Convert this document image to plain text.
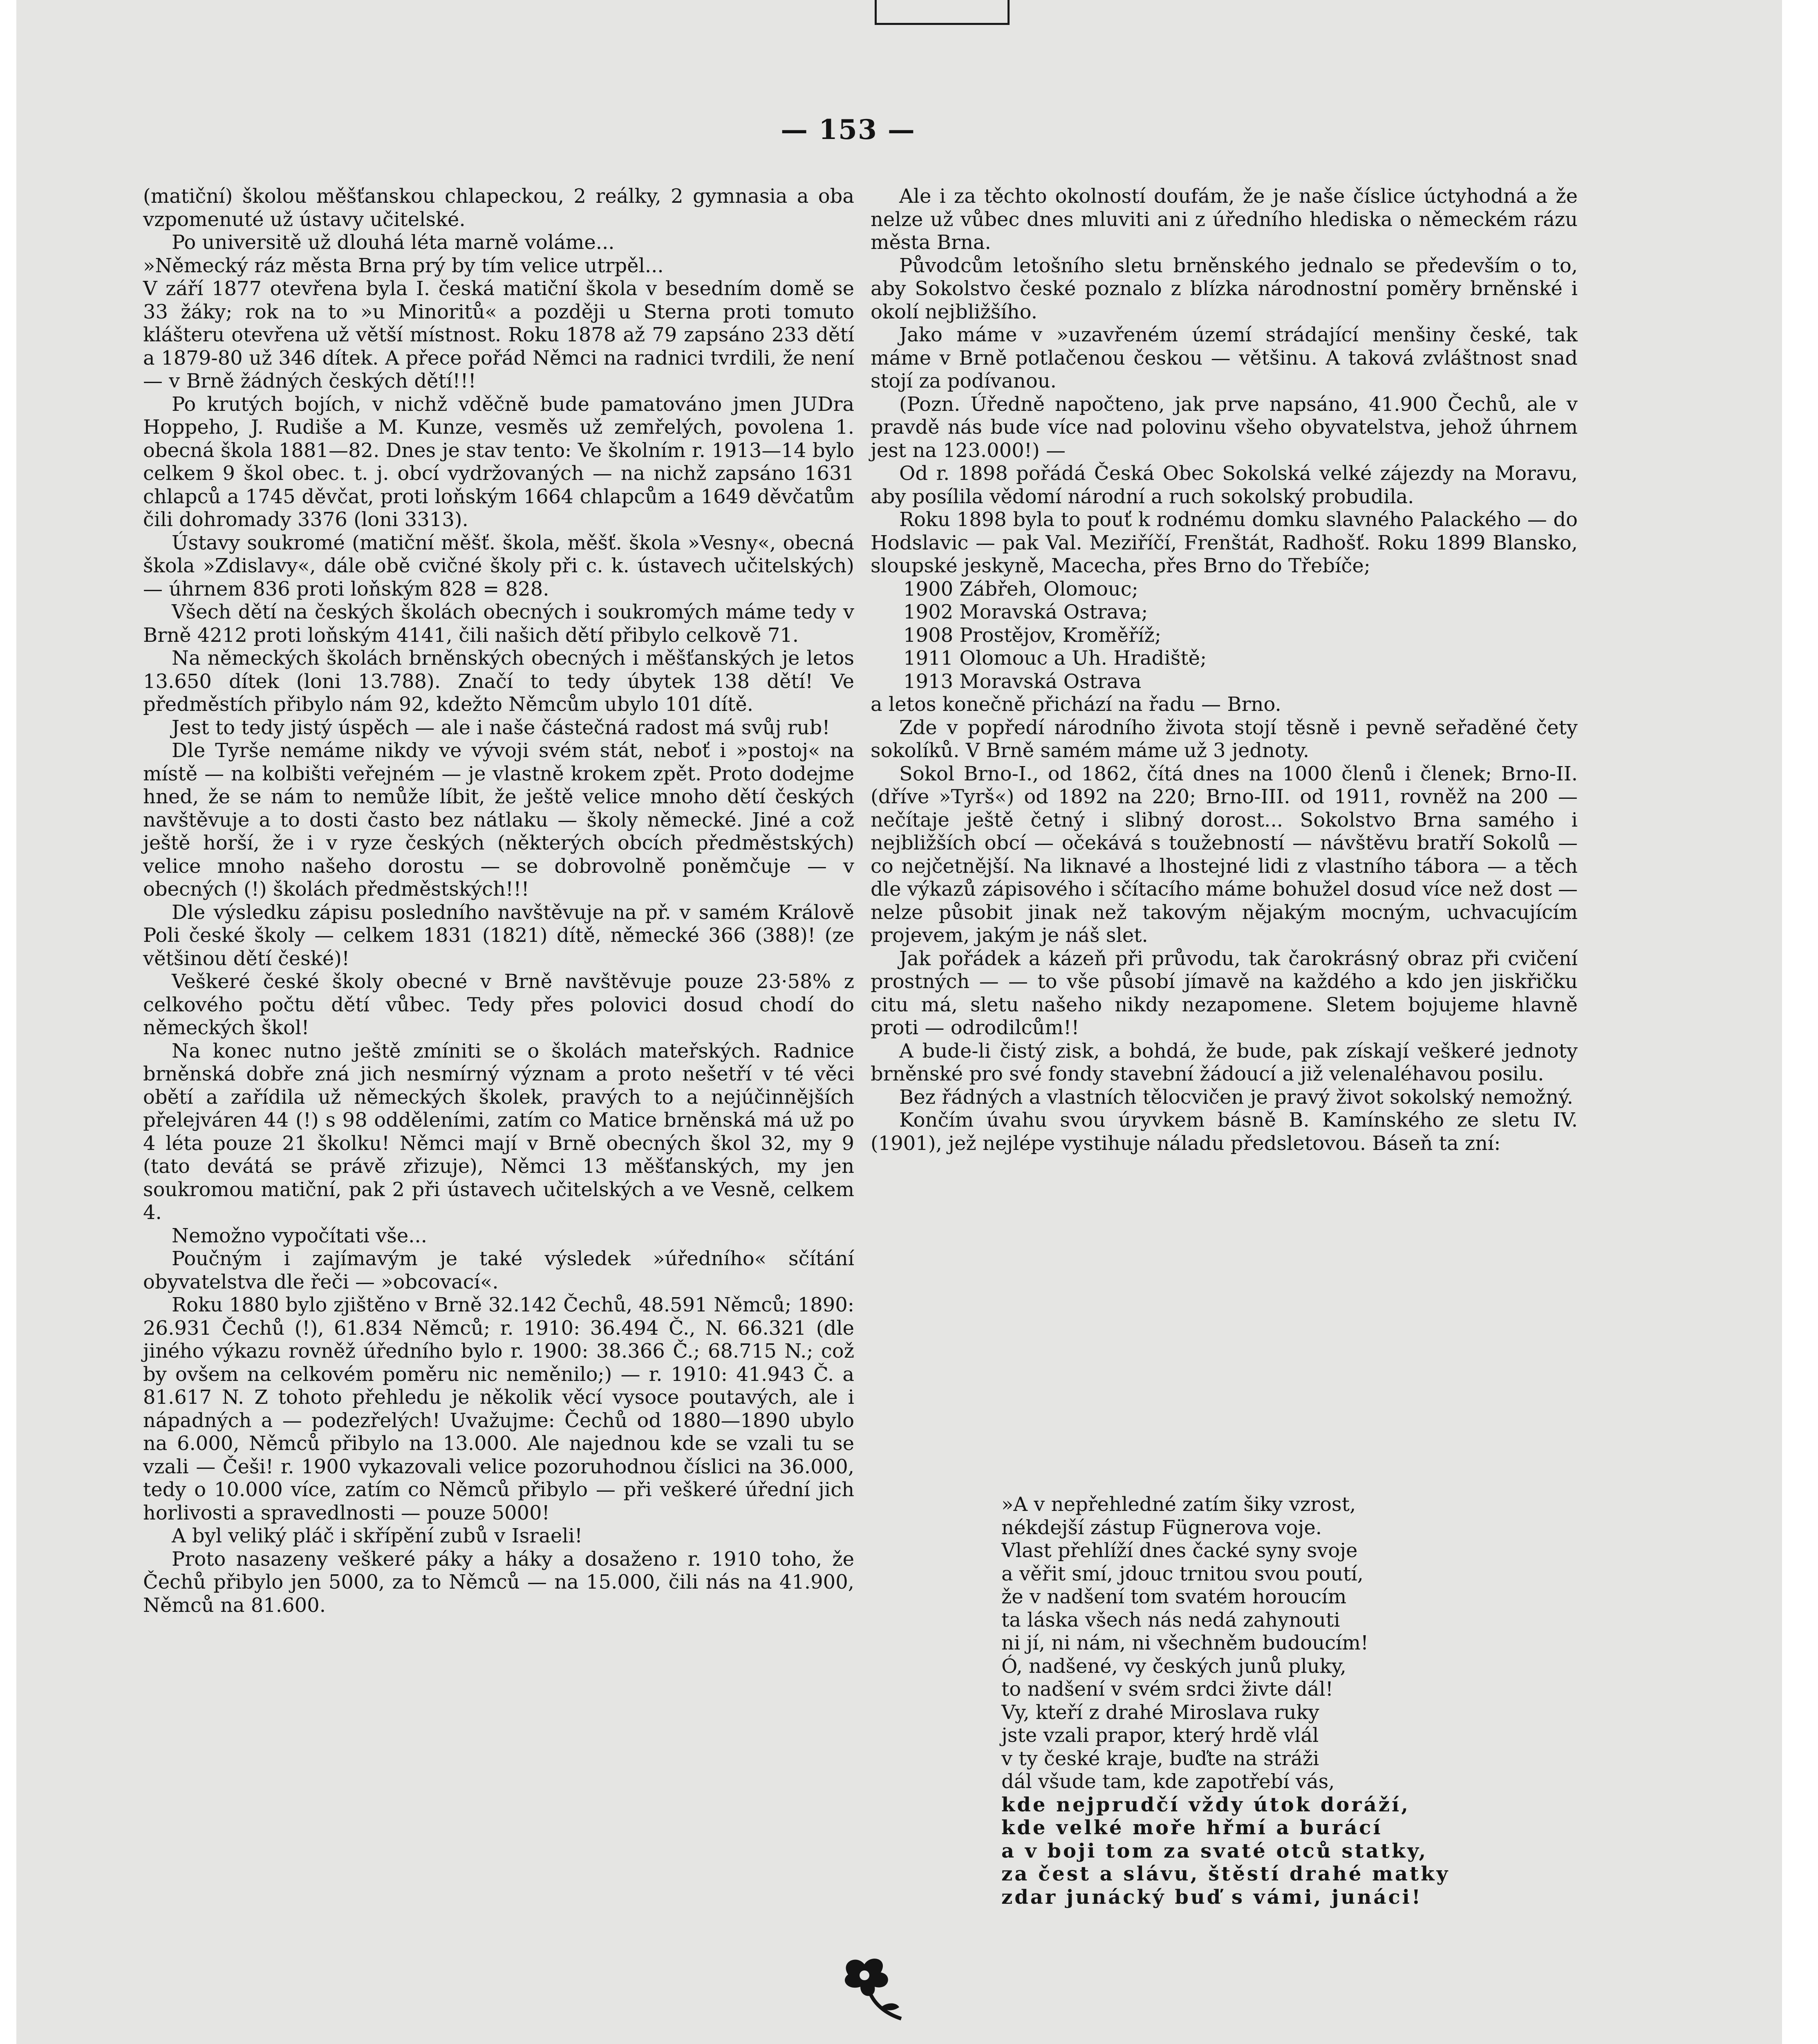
— 153 —

(matiční) školou měšťanskou chlapeckou, 2 reálky, 2 gymnasia a oba vzpomenuté už ústavy učitelské.

Po universitě už dlouhá léta marně voláme...

»Německý ráz města Brna prý by tím velice utrpěl...

V září 1877 otevřena byla I. česká matiční škola v besedním domě se 33 žáky; rok na to »u Minoritů« a později u Sterna proti tomuto klášteru otevřena už větší místnost. Roku 1878 až 79 zapsáno 233 dětí a 1879-80 už 346 dítek. A přece pořád Němci na radnici tvrdili, že není — v Brně žádných českých dětí!!!

Po krutých bojích, v nichž vděčně bude pamatováno jmen JUDra Hoppeho, J. Rudiše a M. Kunze, vesměs už zemřelých, povolena 1. obecná škola 1881—82. Dnes je stav tento: Ve školním r. 1913—14 bylo celkem 9 škol obec. t. j. obcí vydržovaných — na nichž zapsáno 1631 chlapců a 1745 děvčat, proti loňským 1664 chlapcům a 1649 děvčatům čili dohromady 3376 (loni 3313).

Ústavy soukromé (matiční měšť. škola, měšť. škola »Vesny«, obecná škola »Zdislavy«, dále obě cvičné školy při c. k. ústavech učitelských) — úhrnem 836 proti loňským 828 = 828.

Všech dětí na českých školách obecných i soukromých máme tedy v Brně 4212 proti loňským 4141, čili našich dětí přibylo celkově 71.

Na německých školách brněnských obecných i měšťanských je letos 13.650 dítek (loni 13.788). Značí to tedy úbytek 138 dětí! Ve předměstích přibylo nám 92, kdežto Němcům ubylo 101 dítě.

Jest to tedy jistý úspěch — ale i naše částečná radost má svůj rub!

Dle Tyrše nemáme nikdy ve vývoji svém stát, neboť i »postoj« na místě — na kolbišti veřejném — je vlastně krokem zpět. Proto dodejme hned, že se nám to nemůže líbit, že ještě velice mnoho dětí českých navštěvuje a to dosti často bez nátlaku — školy německé. Jiné a což ještě horší, že i v ryze českých (některých obcích předměstských) velice mnoho našeho dorostu — se dobrovolně poněmčuje — v obecných (!) školách předměstských!!!

Dle výsledku zápisu posledního navštěvuje na př. v samém Králově Poli české školy — celkem 1831 (1821) dítě, německé 366 (388)! (ze většinou dětí české)!

Veškeré české školy obecné v Brně navštěvuje pouze 23·58% z celkového počtu dětí vůbec. Tedy přes polovici dosud chodí do německých škol!

Na konec nutno ještě zmíniti se o školách mateřských. Radnice brněnská dobře zná jich nesmírný význam a proto nešetří v té věci obětí a zařídila už německých školek, pravých to a nejúčinnějších přelejváren 44 (!) s 98 odděleními, zatím co Matice brněnská má už po 4 léta pouze 21 školku! Němci mají v Brně obecných škol 32, my 9 (tato devátá se právě zřizuje), Němci 13 měšťanských, my jen soukromou matiční, pak 2 při ústavech učitelských a ve Vesně, celkem 4.

Nemožno vypočítati vše...

Poučným i zajímavým je také výsledek »úředního« sčítání obyvatelstva dle řeči — »obcovací«.

Roku 1880 bylo zjištěno v Brně 32.142 Čechů, 48.591 Němců; 1890: 26.931 Čechů (!), 61.834 Němců; r. 1910: 36.494 Č., N. 66.321 (dle jiného výkazu rovněž úředního bylo r. 1900: 38.366 Č.; 68.715 N.; což by ovšem na celkovém poměru nic neměnilo;) — r. 1910: 41.943 Č. a 81.617 N. Z tohoto přehledu je několik věcí vysoce poutavých, ale i nápadných a — podezřelých! Uvažujme: Čechů od 1880—1890 ubylo na 6.000, Němců přibylo na 13.000. Ale najednou kde se vzali tu se vzali — Češi! r. 1900 vykazovali velice pozoruhodnou číslici na 36.000, tedy o 10.000 více, zatím co Němců přibylo — při veškeré úřední jich horlivosti a spravedlnosti — pouze 5000!

A byl veliký pláč i skřípění zubů v Israeli!

Proto nasazeny veškeré páky a háky a dosaženo r. 1910 toho, že Čechů přibylo jen 5000, za to Němců — na 15.000, čili nás na 41.900, Němců na 81.600.

Ale i za těchto okolností doufám, že je naše číslice úctyhodná a že nelze už vůbec dnes mluviti ani z úředního hlediska o německém rázu města Brna.

Původcům letošního sletu brněnského jednalo se především o to, aby Sokolstvo české poznalo z blízka národnostní poměry brněnské i okolí nejbližšího.

Jako máme v »uzavřeném území strádající menšiny české, tak máme v Brně potlačenou českou — většinu. A taková zvláštnost snad stojí za podívanou.

(Pozn. Úředně napočteno, jak prve napsáno, 41.900 Čechů, ale v pravdě nás bude více nad polovinu všeho obyvatelstva, jehož úhrnem jest na 123.000!) —

Od r. 1898 pořádá Česká Obec Sokolská velké zájezdy na Moravu, aby posílila vědomí národní a ruch sokolský probudila.

Roku 1898 byla to pouť k rodnému domku slavného Palackého — do Hodslavic — pak Val. Meziříčí, Frenštát, Radhošť. Roku 1899 Blansko, sloupské jeskyně, Macecha, přes Brno do Třebíče;

1900 Zábřeh, Olomouc;

1902 Moravská Ostrava;

1908 Prostějov, Kroměříž;

1911 Olomouc a Uh. Hradiště;

1913 Moravská Ostrava

a letos konečně přichází na řadu — Brno.

Zde v popředí národního života stojí těsně i pevně seřaděné čety sokolíků. V Brně samém máme už 3 jednoty.

Sokol Brno-I., od 1862, čítá dnes na 1000 členů i členek; Brno-II. (dříve »Tyrš«) od 1892 na 220; Brno-III. od 1911, rovněž na 200 — nečítaje ještě četný i slibný dorost... Sokolstvo Brna samého i nejbližších obcí — očekává s toužebností — návštěvu bratří Sokolů — co nejčetnější. Na liknavé a lhostejné lidi z vlastního tábora — a těch dle výkazů zápisového i sčítacího máme bohužel dosud více než dost — nelze působit jinak než takovým nějakým mocným, uchvacujícím projevem, jakým je náš slet.

Jak pořádek a kázeň při průvodu, tak čarokrásný obraz při cvičení prostných — — to vše působí jímavě na každého a kdo jen jiskřičku citu má, sletu našeho nikdy nezapomene. Sletem bojujeme hlavně proti — odrodilcům!!

A bude-li čistý zisk, a bohdá, že bude, pak získají veškeré jednoty brněnské pro své fondy stavební žádoucí a již velenaléhavou posilu.

Bez řádných a vlastních tělocvičen je pravý život sokolský nemožný.

Končím úvahu svou úryvkem básně B. Kamínského ze sletu IV. (1901), jež nejlépe vystihuje náladu předsletovou. Báseň ta zní:

»A v nepřehledné zatím šiky vzrost,

nékdejší zástup Fügnerova voje.

Vlast přehlíží dnes čacké syny svoje

a věřit smí, jdouc trnitou svou poutí,

že v nadšení tom svatém horoucím

ta láska všech nás nedá zahynouti

ni jí, ni nám, ni všechněm budoucím!

Ó, nadšené, vy českých junů pluky,

to nadšení v svém srdci živte dál!

Vy, kteří z drahé Miroslava ruky

jste vzali prapor, který hrdě vlál

v ty české kraje, buďte na stráži

dál všude tam, kde zapotřebí vás,

kde nejprudčí vždy útok doráží,

kde velké moře hřmí a burácí

a v boji tom za svaté otců statky,

za čest a slávu, štěstí drahé matky

zdar junácký buď s vámi, junáci!
